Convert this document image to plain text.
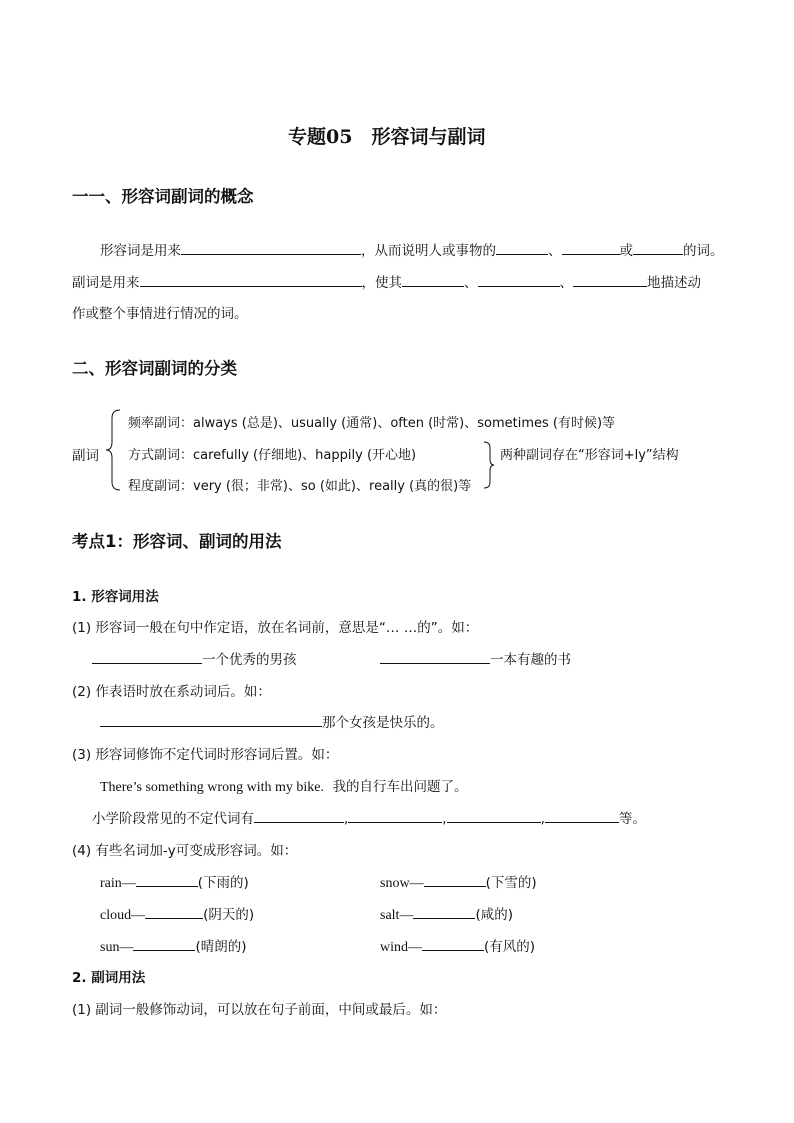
专题05　形容词与副词
一一、形容词副词的概念
形容词是用来	，从而说明人或事物的	、	或	的词。
副词是用来	，使其	、	、	地描述动
作或整个事情进行情况的词。
二、形容词副词的分类
副词
频率副词：always (总是)、usually (通常)、often (时常)、sometimes (有时候)等
方式副词：carefully (仔细地)、happily (开心地)
程度副词：very (很；非常)、so (如此)、really (真的很)等
两种副词存在“形容词+ly”结构
考点1：形容词、副词的用法
1. 形容词用法
(1) 形容词一般在句中作定语，放在名词前，意思是“… …的”。如：
一个优秀的男孩	一本有趣的书
(2) 作表语时放在系动词后。如：
那个女孩是快乐的。
(3) 形容词修饰不定代词时形容词后置。如：
There’s something wrong with my bike. 我的自行车出问题了。
小学阶段常见的不定代词有	,	,	,	等。
(4) 有些名词加-y可变成形容词。如：
rain—	(下雨的)	snow—	(下雪的)
cloud—	(阴天的)	salt—	(咸的)
sun—	(晴朗的)	wind—	(有风的)
2. 副词用法
(1) 副词一般修饰动词，可以放在句子前面，中间或最后。如：
